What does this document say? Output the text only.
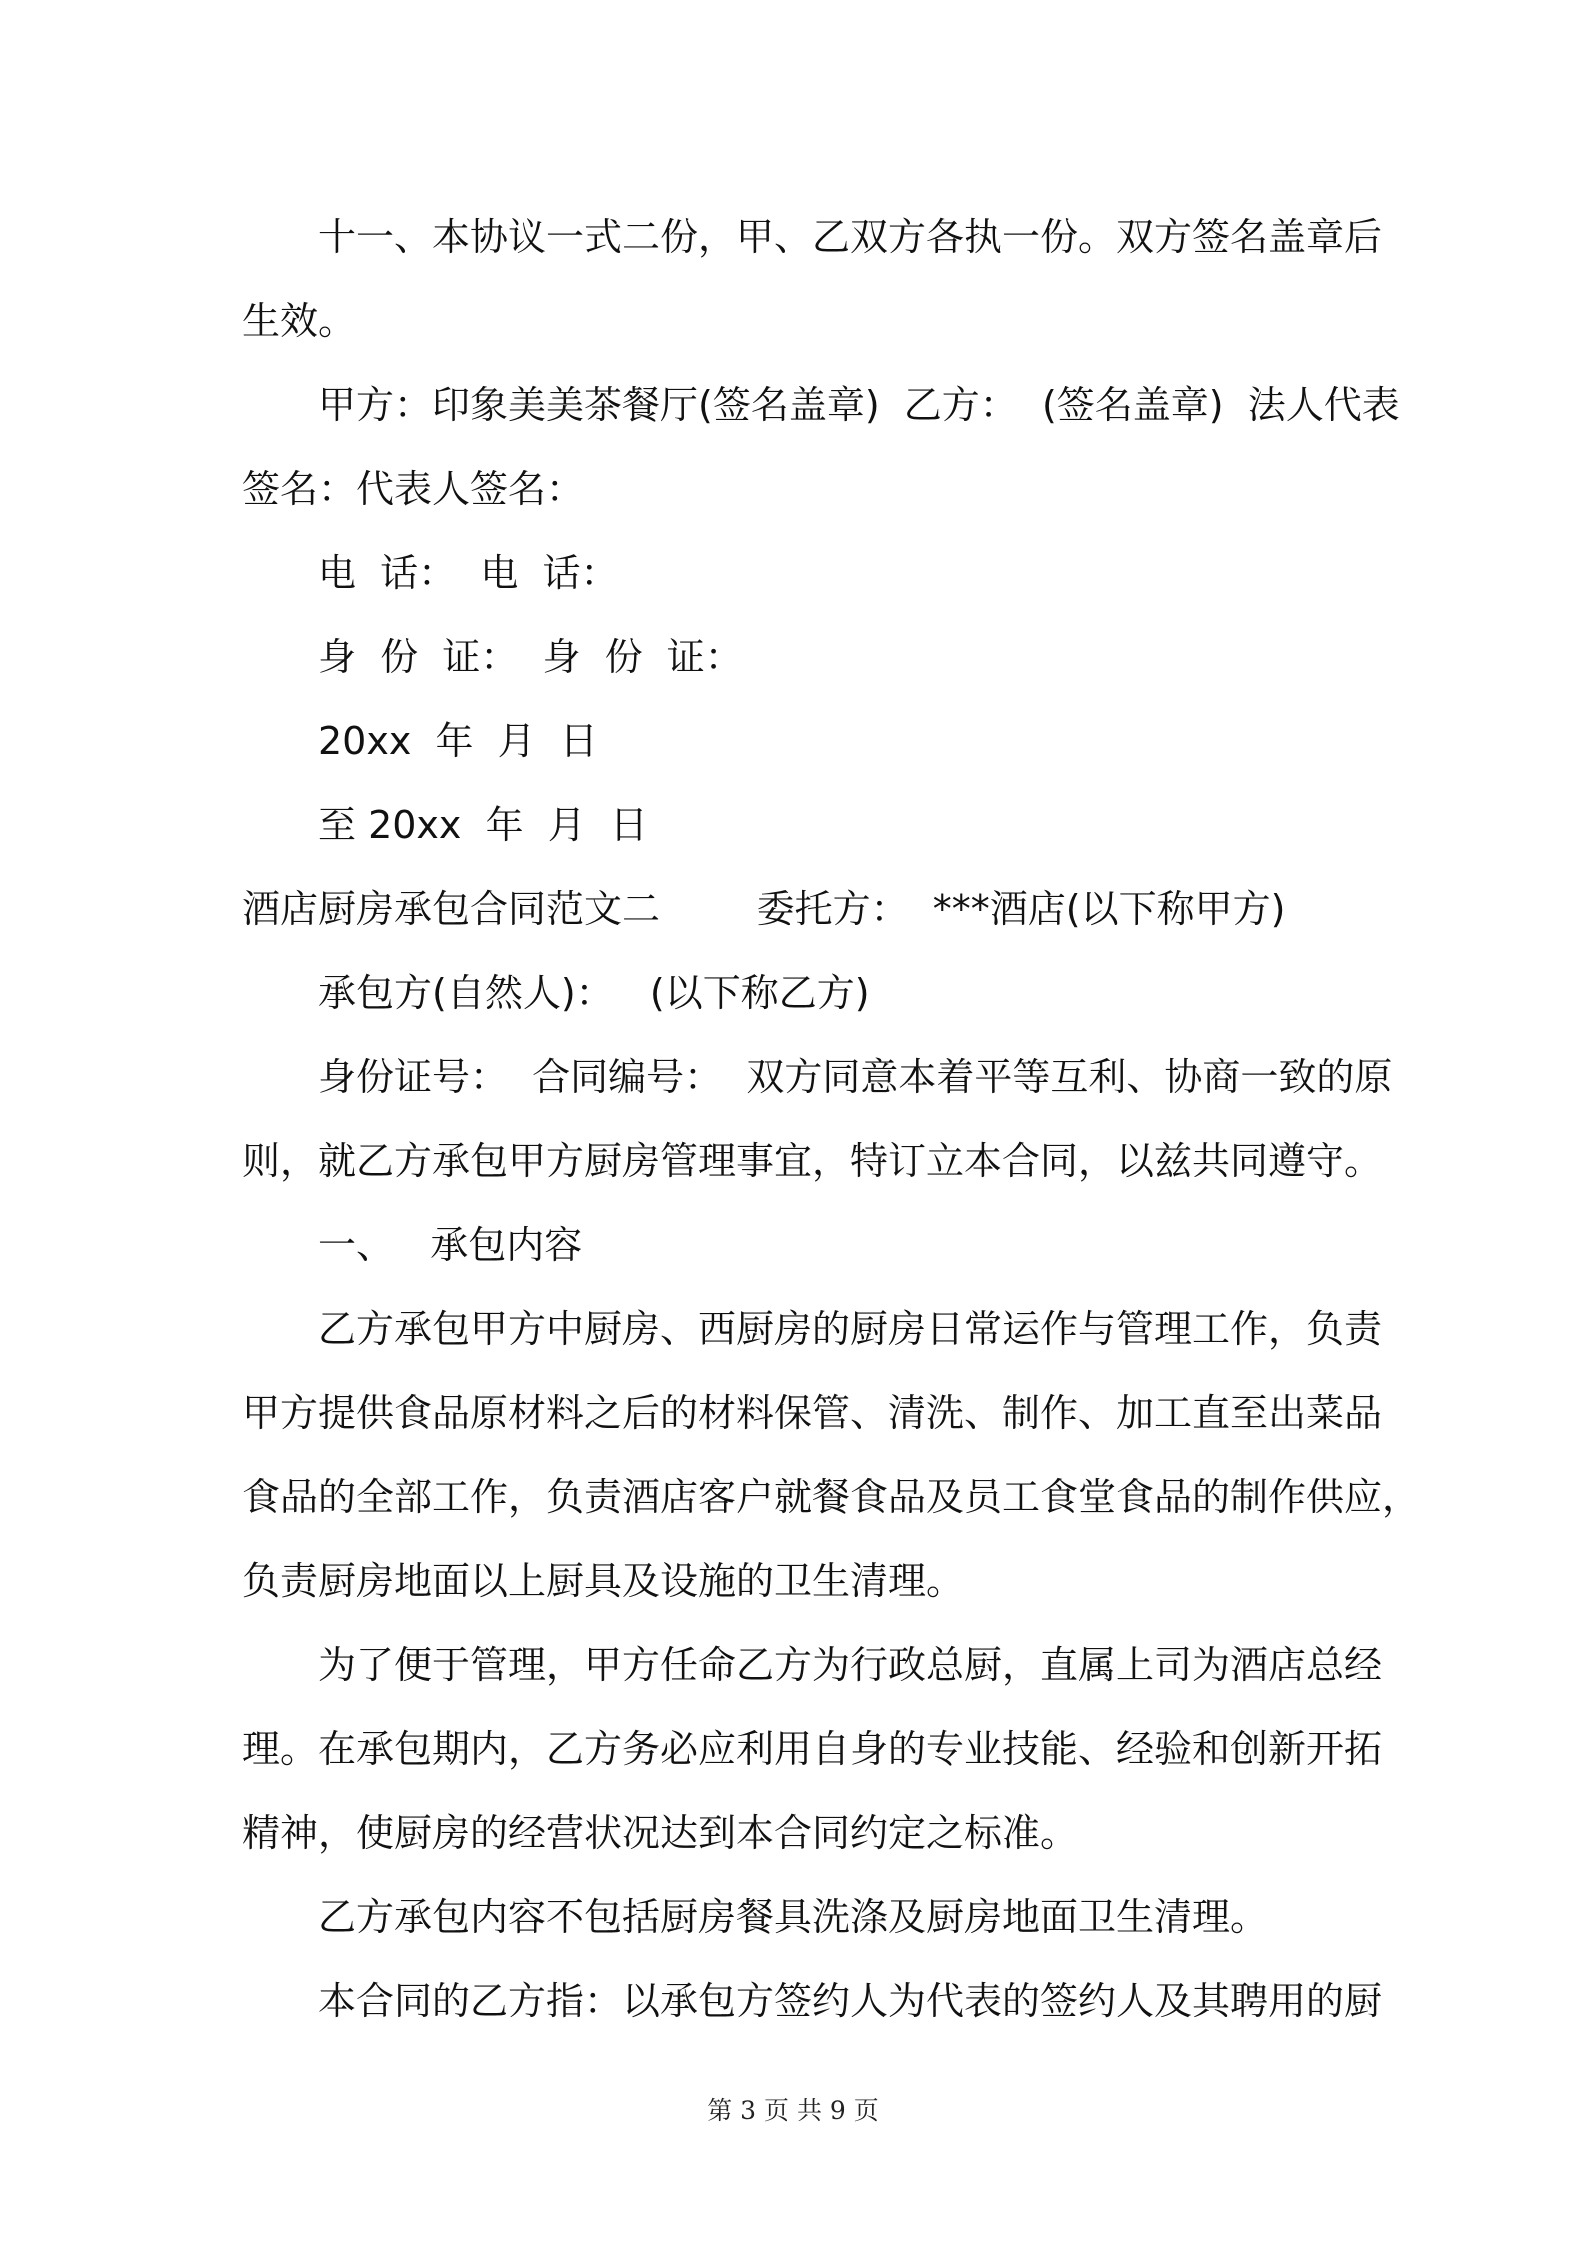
十一、本协议一式二份，甲、乙双方各执一份。双方签名盖章后
生效。
甲方：印象美美茶餐厅(签名盖章)  乙方：  (签名盖章)  法人代表
签名：代表人签名：
电  话：  电  话：
身  份  证：  身  份  证：
20xx  年  月  日
至 20xx  年  月  日
酒店厨房承包合同范文二        委托方：  ***酒店(以下称甲方)
承包方(自然人)：   (以下称乙方)
身份证号：  合同编号：  双方同意本着平等互利、协商一致的原
则，就乙方承包甲方厨房管理事宜，特订立本合同，以兹共同遵守。
一、   承包内容
乙方承包甲方中厨房、西厨房的厨房日常运作与管理工作，负责
甲方提供食品原材料之后的材料保管、清洗、制作、加工直至出菜品
食品的全部工作，负责酒店客户就餐食品及员工食堂食品的制作供应，
负责厨房地面以上厨具及设施的卫生清理。
为了便于管理，甲方任命乙方为行政总厨，直属上司为酒店总经
理。在承包期内，乙方务必应利用自身的专业技能、经验和创新开拓
精神，使厨房的经营状况达到本合同约定之标准。
乙方承包内容不包括厨房餐具洗涤及厨房地面卫生清理。
本合同的乙方指：以承包方签约人为代表的签约人及其聘用的厨
第 3 页 共 9 页
